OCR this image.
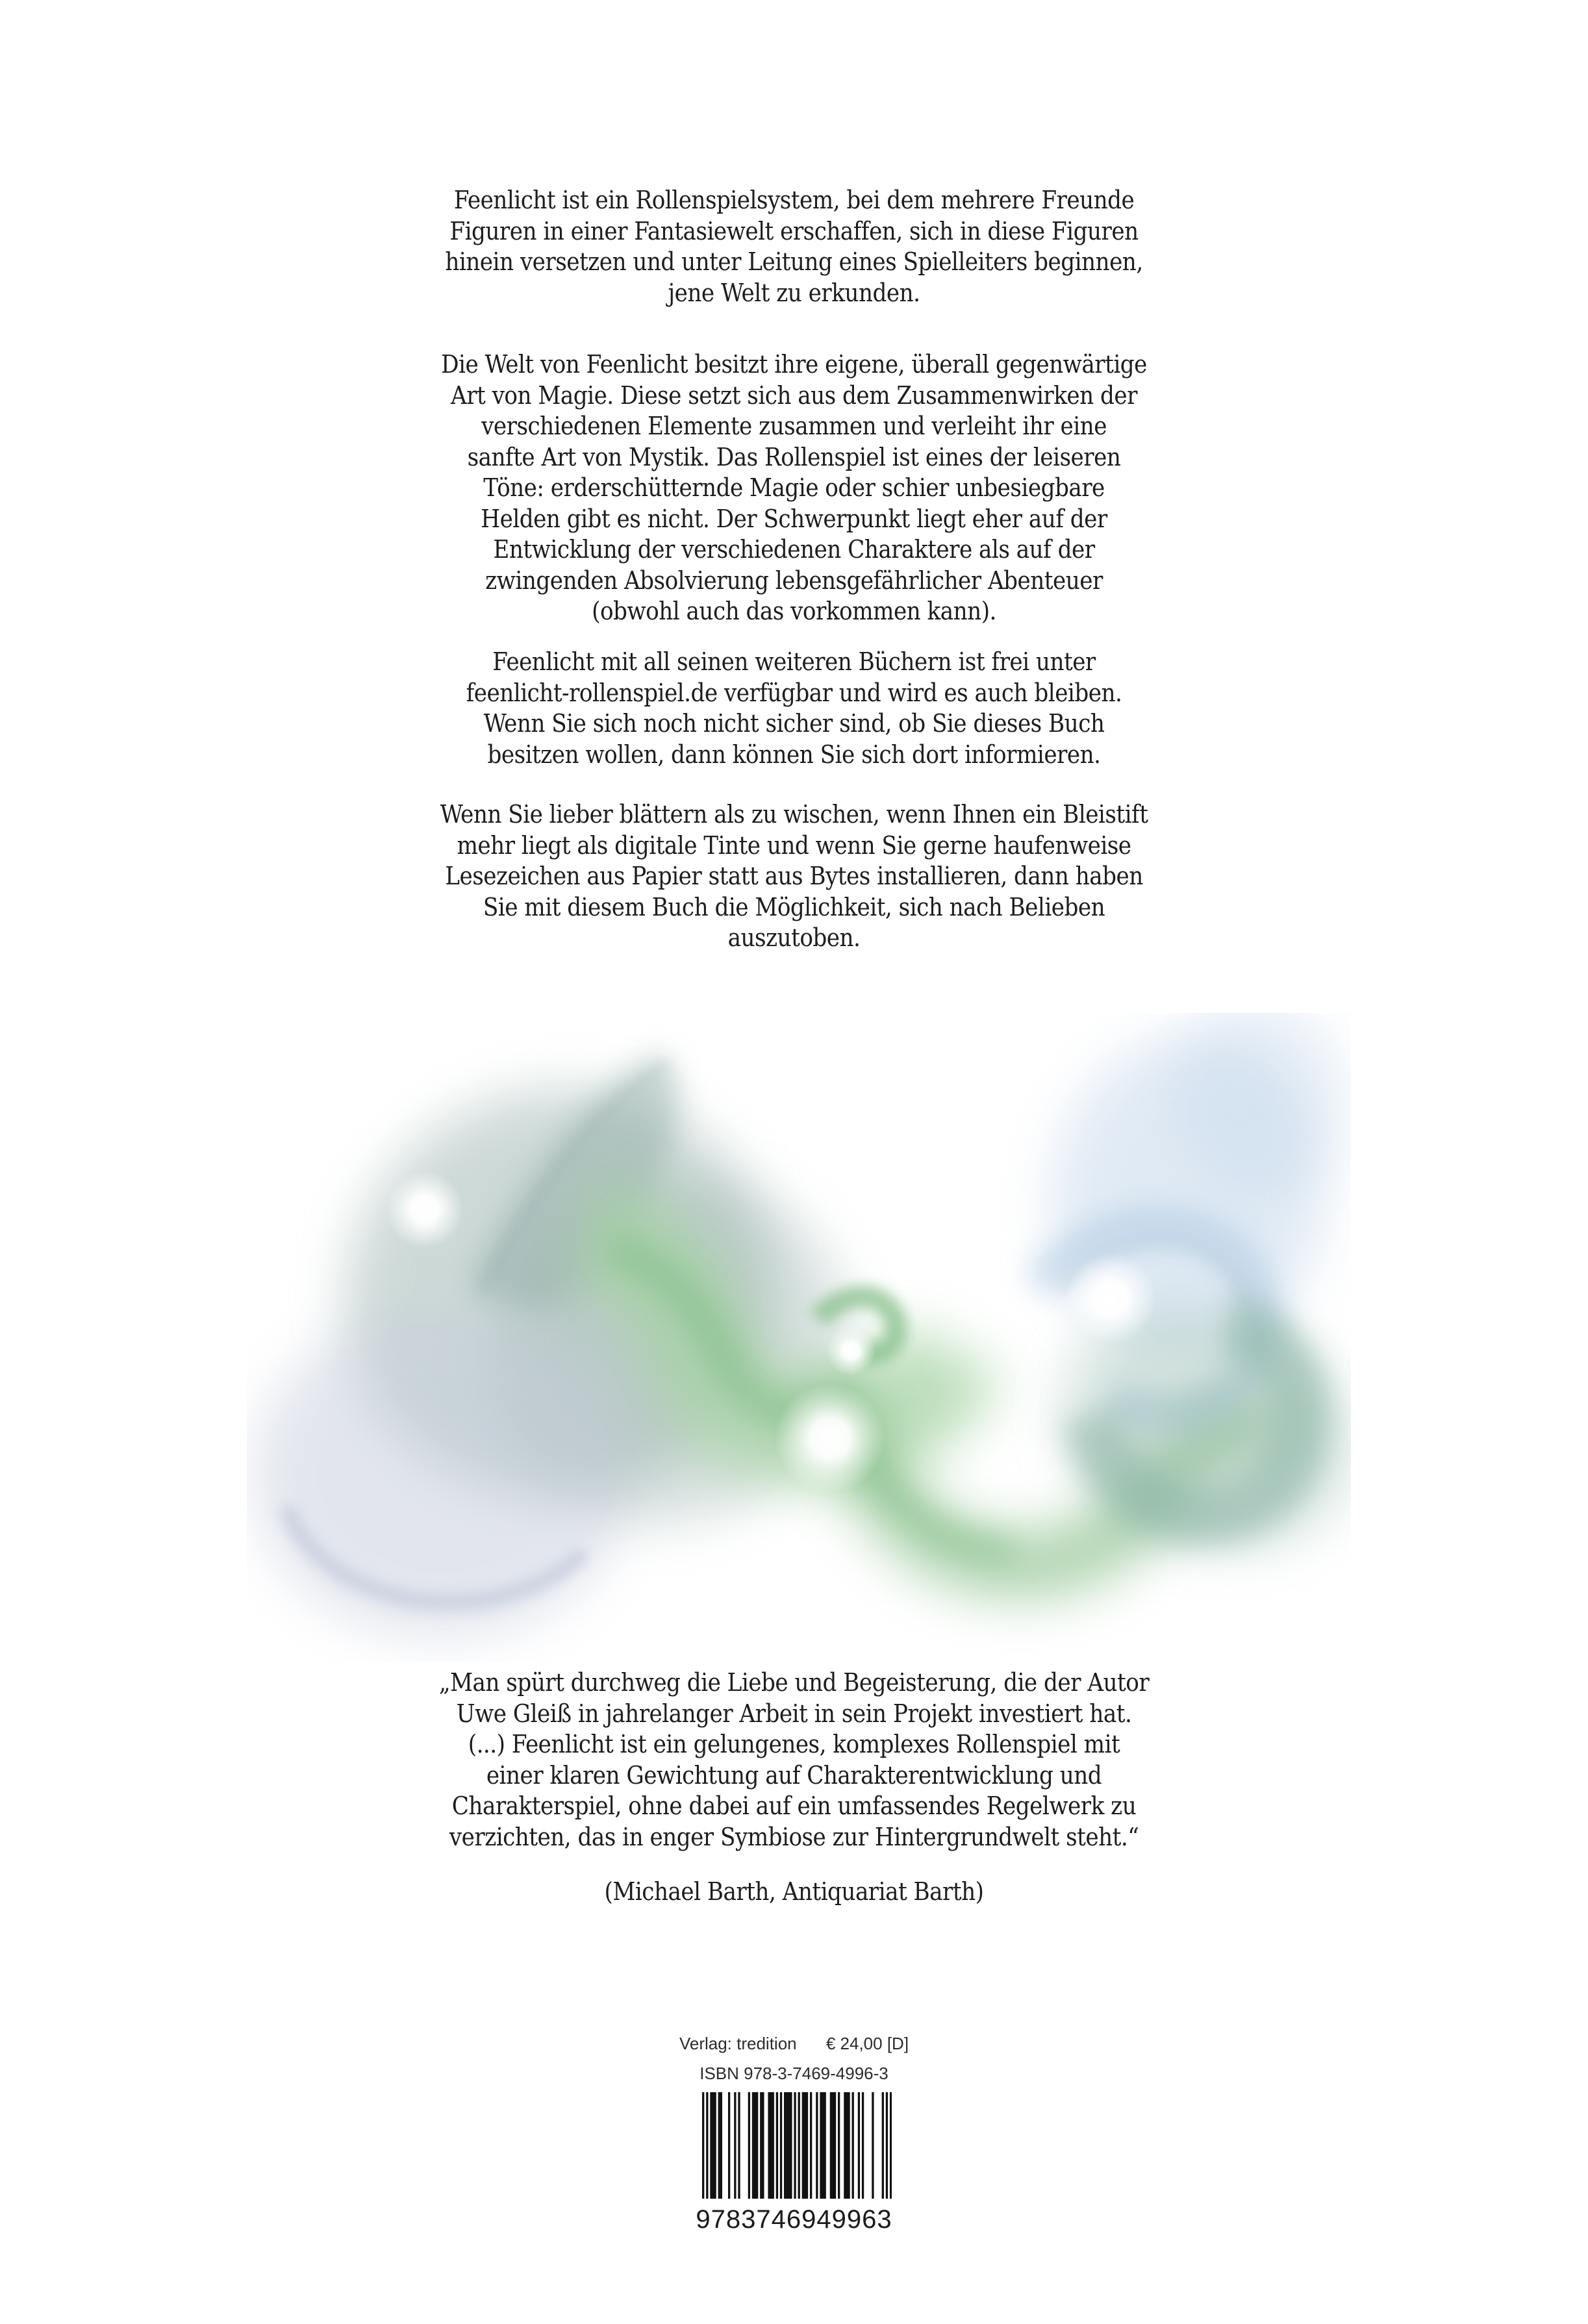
Feenlicht ist ein Rollenspielsystem, bei dem mehrere Freunde
Figuren in einer Fantasiewelt erschaffen, sich in diese Figuren
hinein versetzen und unter Leitung eines Spielleiters beginnen,
jene Welt zu erkunden.
Die Welt von Feenlicht besitzt ihre eigene, überall gegenwärtige
Art von Magie. Diese setzt sich aus dem Zusammenwirken der
verschiedenen Elemente zusammen und verleiht ihr eine
sanfte Art von Mystik. Das Rollenspiel ist eines der leiseren
Töne: erderschütternde Magie oder schier unbesiegbare
Helden gibt es nicht. Der Schwerpunkt liegt eher auf der
Entwicklung der verschiedenen Charaktere als auf der
zwingenden Absolvierung lebensgefährlicher Abenteuer
(obwohl auch das vorkommen kann).
Feenlicht mit all seinen weiteren Büchern ist frei unter
feenlicht-rollenspiel.de verfügbar und wird es auch bleiben.
Wenn Sie sich noch nicht sicher sind, ob Sie dieses Buch
besitzen wollen, dann können Sie sich dort informieren.
Wenn Sie lieber blättern als zu wischen, wenn Ihnen ein Bleistift
mehr liegt als digitale Tinte und wenn Sie gerne haufenweise
Lesezeichen aus Papier statt aus Bytes installieren, dann haben
Sie mit diesem Buch die Möglichkeit, sich nach Belieben
auszutoben.
„Man spürt durchweg die Liebe und Begeisterung, die der Autor
Uwe Gleiß in jahrelanger Arbeit in sein Projekt investiert hat.
(...) Feenlicht ist ein gelungenes, komplexes Rollenspiel mit
einer klaren Gewichtung auf Charakterentwicklung und
Charakterspiel, ohne dabei auf ein umfassendes Regelwerk zu
verzichten, das in enger Symbiose zur Hintergrundwelt steht.“
(Michael Barth, Antiquariat Barth)
Verlag: tredition € 24,00 [D]
ISBN 978-3-7469-4996-3
9783746949963
